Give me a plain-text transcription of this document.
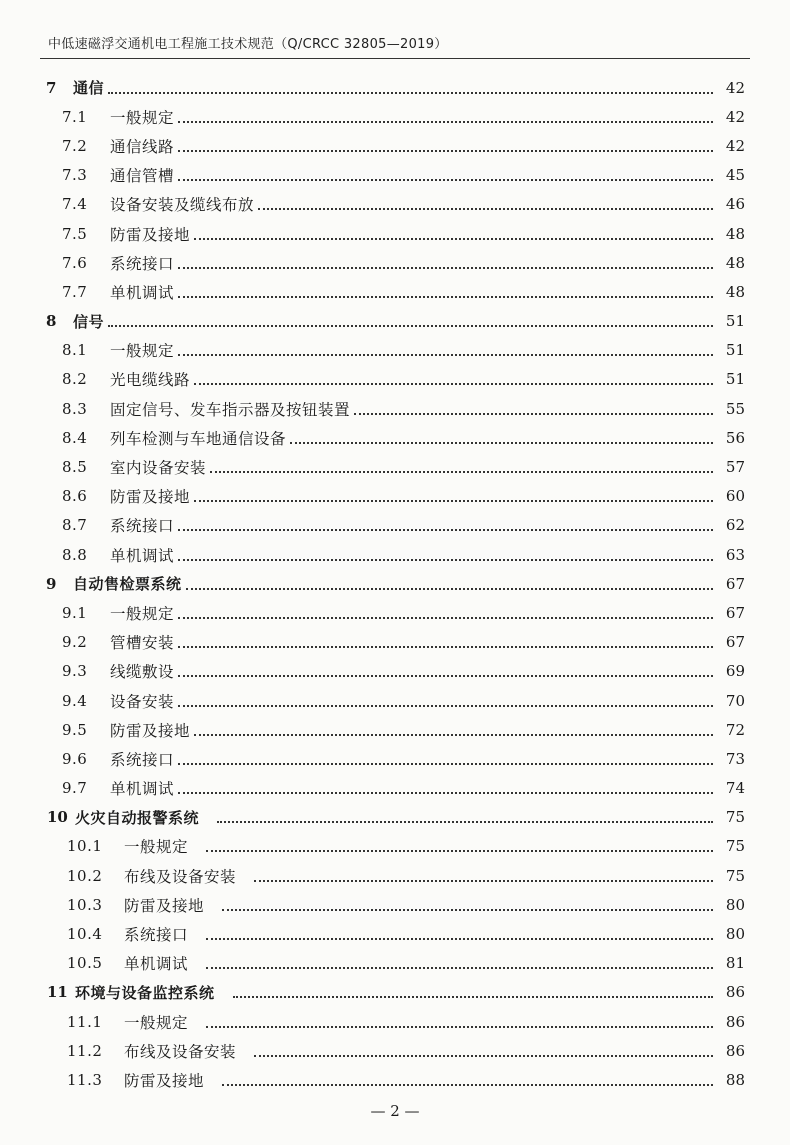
中低速磁浮交通机电工程施工技术规范（Q/CRCC 32805—2019）
7	通信	42
7.1	一般规定	42
7.2	通信线路	42
7.3	通信管槽	45
7.4	设备安装及缆线布放	46
7.5	防雷及接地	48
7.6	系统接口	48
7.7	单机调试	48
8	信号	51
8.1	一般规定	51
8.2	光电缆线路	51
8.3	固定信号、发车指示器及按钮装置	55
8.4	列车检测与车地通信设备	56
8.5	室内设备安装	57
8.6	防雷及接地	60
8.7	系统接口	62
8.8	单机调试	63
9	自动售检票系统	67
9.1	一般规定	67
9.2	管槽安装	67
9.3	线缆敷设	69
9.4	设备安装	70
9.5	防雷及接地	72
9.6	系统接口	73
9.7	单机调试	74
10 火灾自动报警系统	75
10.1	一般规定	75
10.2	布线及设备安装	75
10.3	防雷及接地	80
10.4	系统接口	80
10.5	单机调试	81
11 环境与设备监控系统	86
11.1	一般规定	86
11.2	布线及设备安装	86
11.3	防雷及接地	88
— 2 —
